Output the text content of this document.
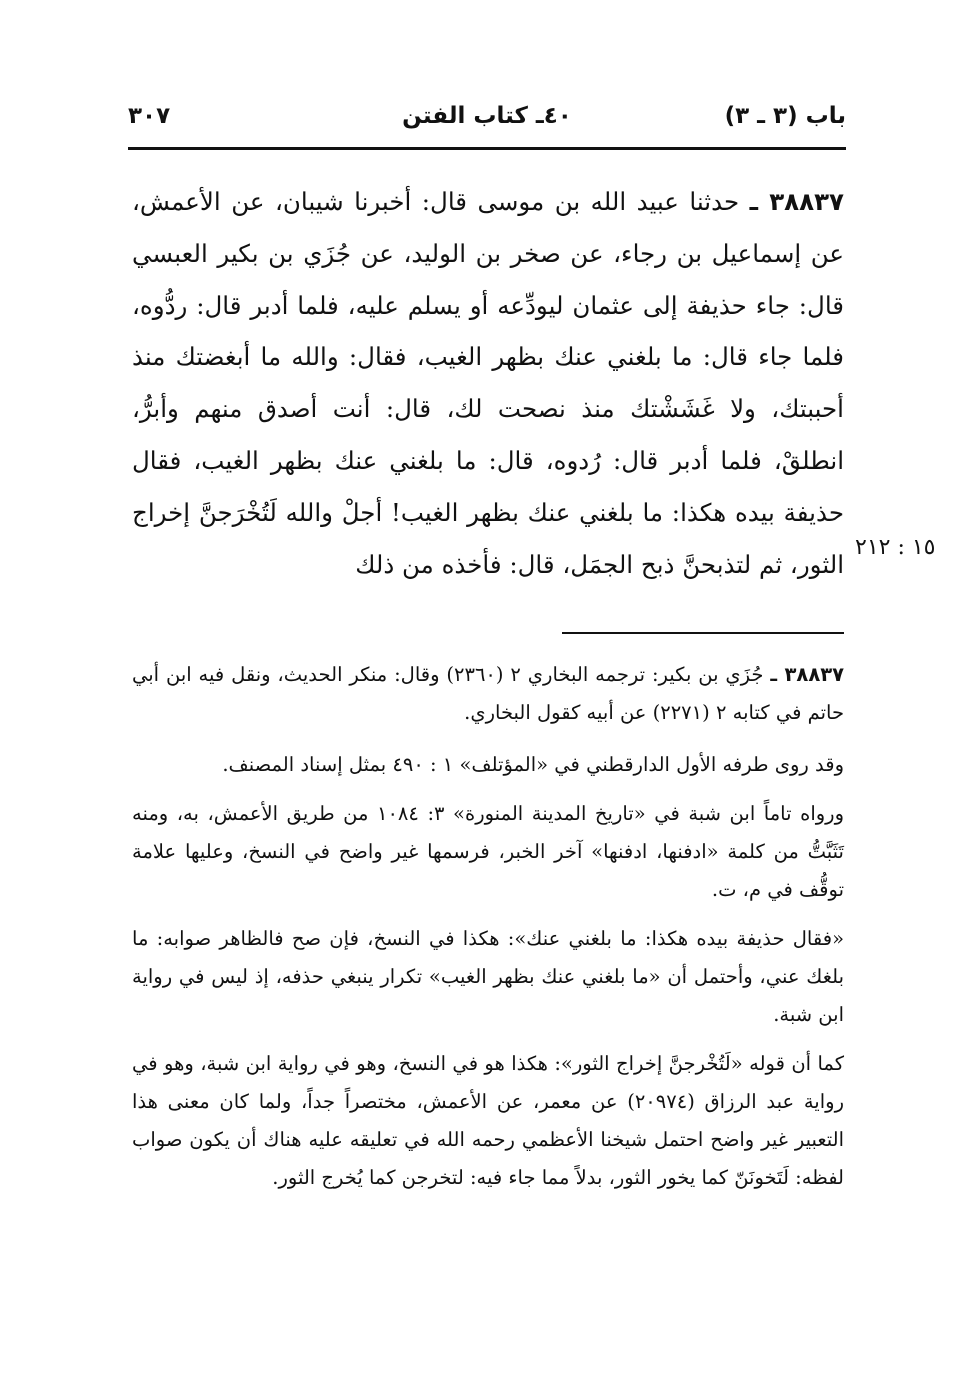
باب (٣ ـ ٣)
٤٠ـ كتاب الفتن
٣٠٧

٣٨٨٣٧ ـ حدثنا عبيد الله بن موسى قال: أخبرنا شيبان، عن الأعمش، عن إسماعيل بن رجاء، عن صخر بن الوليد، عن جُزَي بن بكير العبسي قال: جاء حذيفة إلى عثمان ليودِّعه أو يسلم عليه، فلما أدبر قال: ردُّوه، فلما جاء قال: ما بلغني عنك بظهر الغيب، فقال: والله ما أبغضتك منذ أحببتك، ولا غَشَشْتك منذ نصحت لك، قال: أنت أصدق منهم وأبرُّ، انطلقْ، فلما أدبر قال: رُدوه، قال: ما بلغني عنك بظهر الغيب، فقال حذيفة بيده هكذا: ما بلغني عنك بظهر الغيب! أجلْ والله لَتُخْرَجنَّ إخراج الثور، ثم لتذبحنَّ ذبح الجمَل، قال: فأخذه من ذلك

١٥ : ٢١٢

٣٨٨٣٧ ـ جُزَي بن بكير: ترجمه البخاري ٢ (٢٣٦٠) وقال: منكر الحديث، ونقل فيه ابن أبي حاتم في كتابه ٢ (٢٢٧١) عن أبيه كقول البخاري.

وقد روى طرفه الأول الدارقطني في «المؤتلف» ١ : ٤٩٠ بمثل إسناد المصنف.

ورواه تاماً ابن شبة في «تاريخ المدينة المنورة» ٣: ١٠٨٤ من طريق الأعمش، به، ومنه تَثَبَّتُّ من كلمة «ادفنها، ادفنها» آخر الخبر، فرسمها غير واضح في النسخ، وعليها علامة توقُّف في م، ت.

«فقال حذيفة بيده هكذا: ما بلغني عنك»: هكذا في النسخ، فإن صح فالظاهر صوابه: ما بلغك عني، وأحتمل أن «ما بلغني عنك بظهر الغيب» تكرار ينبغي حذفه، إذ ليس في رواية ابن شبة.

كما أن قوله «لَتُخْرجنَّ إخراج الثور»: هكذا هو في النسخ، وهو في رواية ابن شبة، وهو في رواية عبد الرزاق (٢٠٩٧٤) عن معمر، عن الأعمش، مختصراً جداً، ولما كان معنى هذا التعبير غير واضح احتمل شيخنا الأعظمي رحمه الله في تعليقه عليه هناك أن يكون صواب لفظه: لَتَخونَنّ كما يخور الثور، بدلاً مما جاء فيه: لتخرجن كما يُخرج الثور.
